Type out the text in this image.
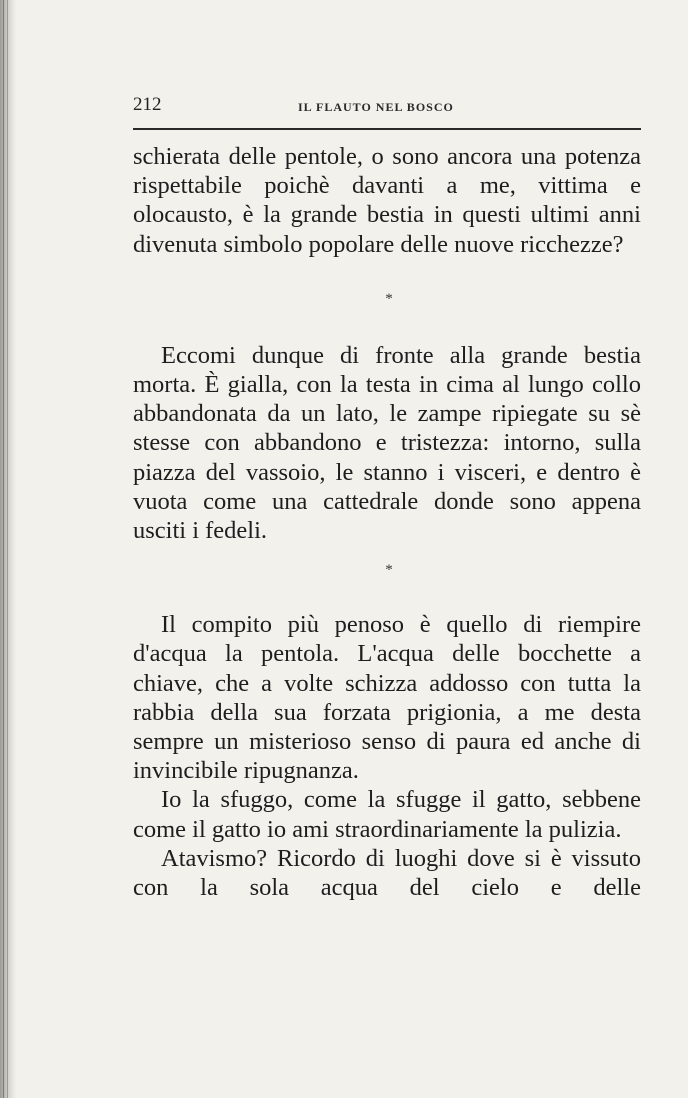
212	IL FLAUTO NEL BOSCO

schierata delle pentole, o sono ancora una potenza rispettabile poichè davanti a me, vittima e olocausto, è la grande bestia in questi ultimi anni divenuta simbolo popolare delle nuove ricchezze?

*

Eccomi dunque di fronte alla grande bestia morta. È gialla, con la testa in cima al lungo collo abbandonata da un lato, le zampe ripiegate su sè stesse con abbandono e tristezza: intorno, sulla piazza del vassoio, le stanno i visceri, e dentro è vuota come una cattedrale donde sono appena usciti i fedeli.

*

Il compito più penoso è quello di riempire d'acqua la pentola. L'acqua delle bocchette a chiave, che a volte schizza addosso con tutta la rabbia della sua forzata prigionia, a me desta sempre un misterioso senso di paura ed anche di invincibile ripugnanza.

Io la sfuggo, come la sfugge il gatto, sebbene come il gatto io ami straordinariamente la pulizia.

Atavismo? Ricordo di luoghi dove si è vissuto con la sola acqua del cielo e delle
